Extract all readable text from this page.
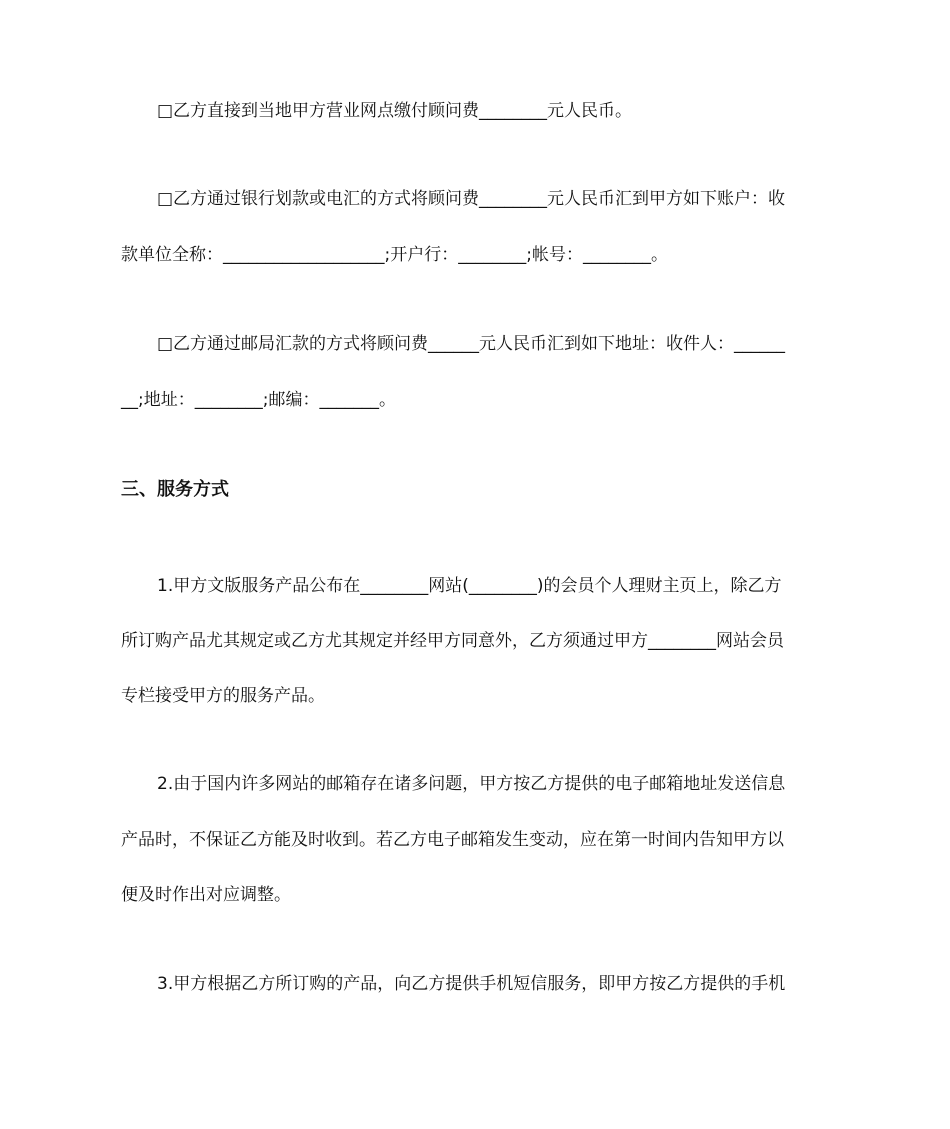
□乙方直接到当地甲方营业网点缴付顾问费________元人民币。
□乙方通过银行划款或电汇的方式将顾问费________元人民币汇到甲方如下账户：收
款单位全称：___________________;开户行：________;帐号：________。
□乙方通过邮局汇款的方式将顾问费______元人民币汇到如下地址：收件人：______
__;地址：________;邮编：_______。
三、服务方式
1.甲方文版服务产品公布在________网站(________)的会员个人理财主页上，除乙方
所订购产品尤其规定或乙方尤其规定并经甲方同意外，乙方须通过甲方________网站会员
专栏接受甲方的服务产品。
2.由于国内许多网站的邮箱存在诸多问题，甲方按乙方提供的电子邮箱地址发送信息
产品时，不保证乙方能及时收到。若乙方电子邮箱发生变动，应在第一时间内告知甲方以
便及时作出对应调整。
3.甲方根据乙方所订购的产品，向乙方提供手机短信服务，即甲方按乙方提供的手机
